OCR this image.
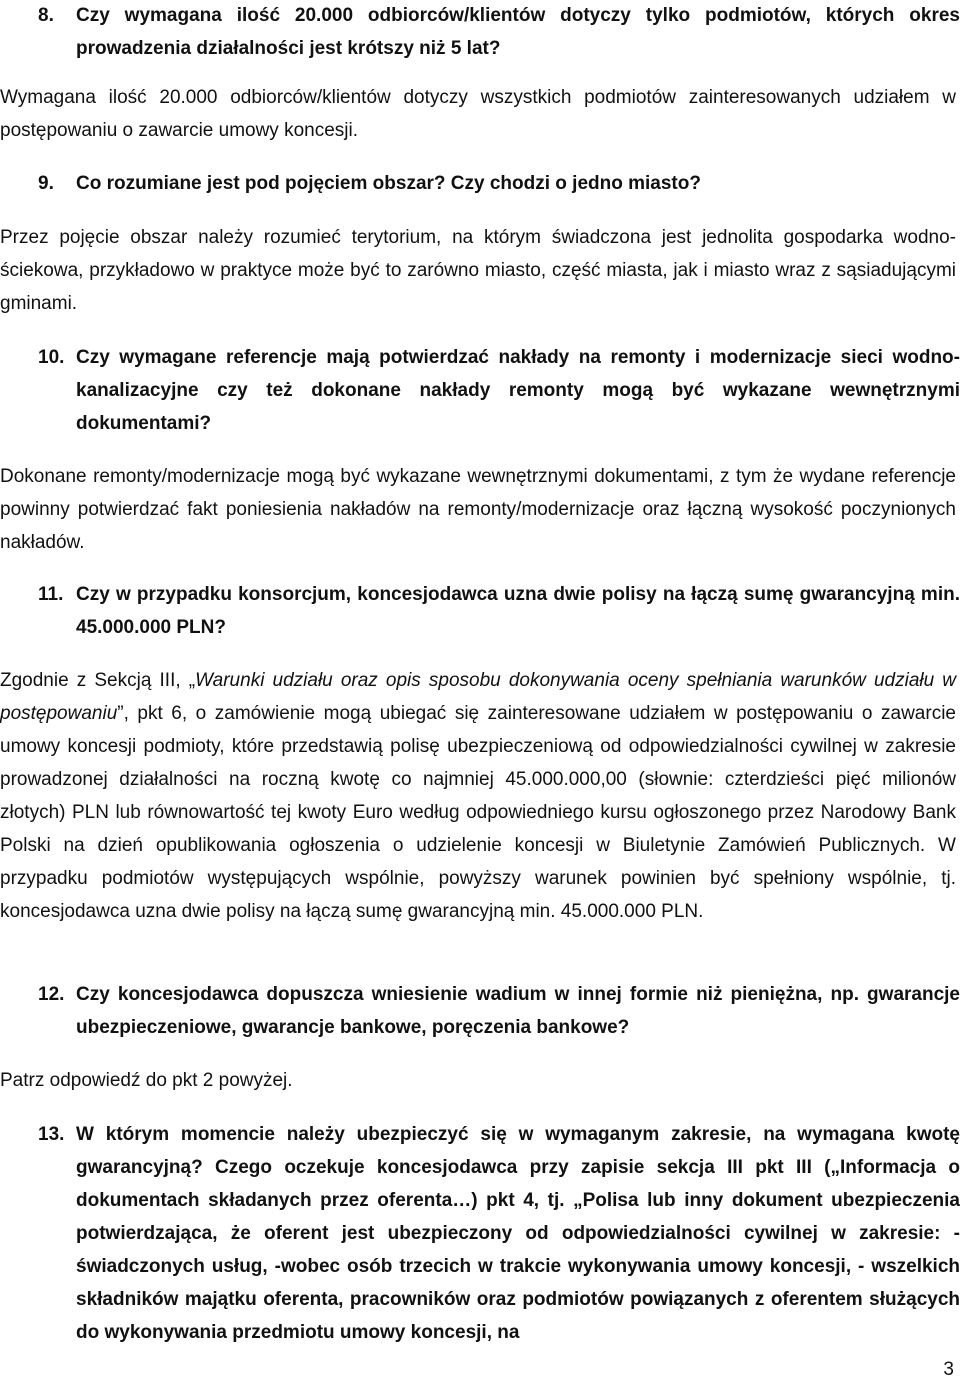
8.	Czy wymagana ilość 20.000 odbiorców/klientów dotyczy tylko podmiotów, których okres prowadzenia działalności jest krótszy niż 5 lat?
Wymagana ilość 20.000 odbiorców/klientów dotyczy wszystkich podmiotów zainteresowanych udziałem w postępowaniu o zawarcie umowy koncesji.
9.	Co rozumiane jest pod pojęciem obszar? Czy chodzi o jedno miasto?
Przez pojęcie obszar należy rozumieć terytorium, na którym świadczona jest jednolita gospodarka wodno-ściekowa, przykładowo w praktyce może być to zarówno miasto, część miasta, jak i miasto wraz z sąsiadującymi gminami.
10. Czy wymagane referencje mają potwierdzać nakłady na remonty i modernizacje sieci wodno-kanalizacyjne czy też dokonane nakłady remonty mogą być wykazane wewnętrznymi dokumentami?
Dokonane remonty/modernizacje mogą być wykazane wewnętrznymi dokumentami, z tym że wydane referencje powinny potwierdzać fakt poniesienia nakładów na remonty/modernizacje oraz łączną wysokość poczynionych nakładów.
11. Czy w przypadku konsorcjum, koncesjodawca uzna dwie polisy na łączą sumę gwarancyjną min. 45.000.000 PLN?
Zgodnie z Sekcją III, „Warunki udziału oraz opis sposobu dokonywania oceny spełniania warunków udziału w postępowaniu”, pkt 6, o zamówienie mogą ubiegać się zainteresowane udziałem w postępowaniu o zawarcie umowy koncesji podmioty, które przedstawią polisę ubezpieczeniową od odpowiedzialności cywilnej w zakresie prowadzonej działalności na roczną kwotę co najmniej 45.000.000,00 (słownie: czterdzieści pięć milionów złotych) PLN lub równowartość tej kwoty Euro według odpowiedniego kursu ogłoszonego przez Narodowy Bank Polski na dzień opublikowania ogłoszenia o udzielenie koncesji w Biuletynie Zamówień Publicznych. W przypadku podmiotów występujących wspólnie, powyższy warunek powinien być spełniony wspólnie, tj. koncesjodawca uzna dwie polisy na łączą sumę gwarancyjną min. 45.000.000 PLN.
12. Czy koncesjodawca dopuszcza wniesienie wadium w innej formie niż pieniężna, np. gwarancje ubezpieczeniowe, gwarancje bankowe, poręczenia bankowe?
Patrz odpowiedź do pkt 2 powyżej.
13. W którym momencie należy ubezpieczyć się w wymaganym zakresie, na wymagana kwotę gwarancyjną? Czego oczekuje koncesjodawca przy zapisie sekcja III pkt III („Informacja o dokumentach składanych przez oferenta…) pkt 4, tj. „Polisa lub inny dokument ubezpieczenia potwierdzająca, że oferent jest ubezpieczony od odpowiedzialności cywilnej w zakresie: - świadczonych usług, -wobec osób trzecich w trakcie wykonywania umowy koncesji, - wszelkich składników majątku oferenta, pracowników oraz podmiotów powiązanych z oferentem służących do wykonywania przedmiotu umowy koncesji, na
3
